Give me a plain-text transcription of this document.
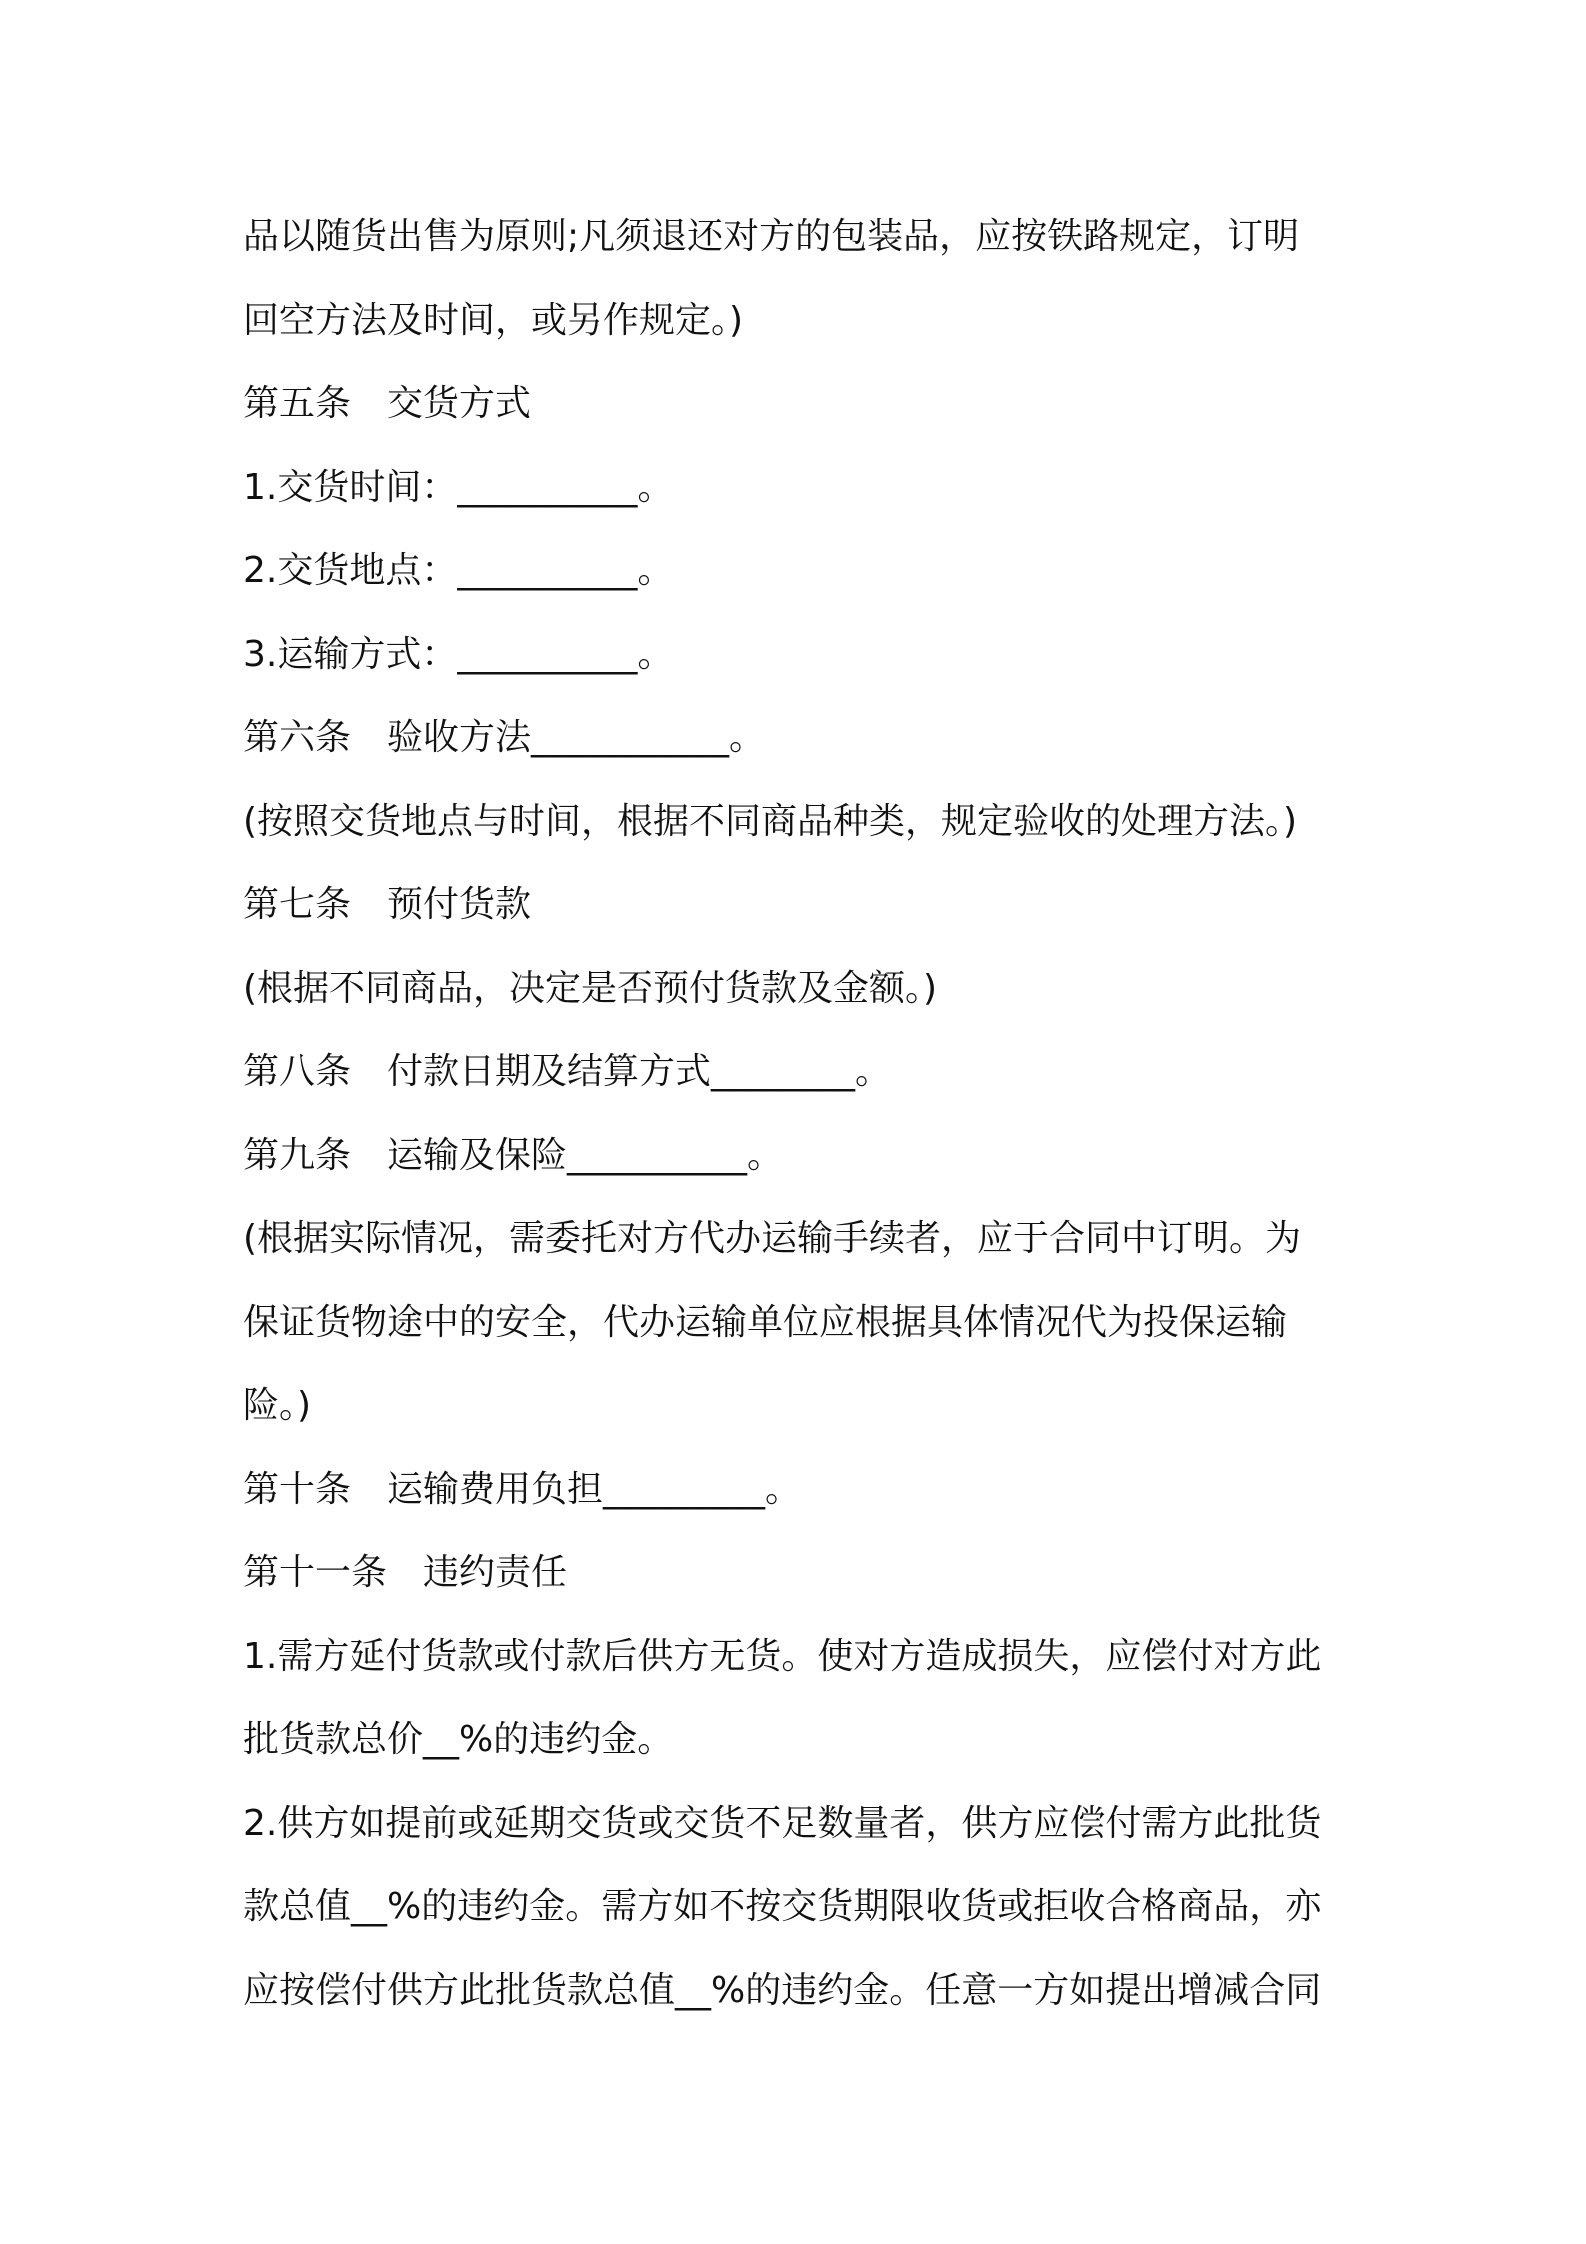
品以随货出售为原则;凡须退还对方的包装品，应按铁路规定，订明
回空方法及时间，或另作规定。)
第五条　交货方式
1.交货时间：__________。
2.交货地点：__________。
3.运输方式：__________。
第六条　验收方法___________。
(按照交货地点与时间，根据不同商品种类，规定验收的处理方法。)
第七条　预付货款
(根据不同商品，决定是否预付货款及金额。)
第八条　付款日期及结算方式________。
第九条　运输及保险__________。
(根据实际情况，需委托对方代办运输手续者，应于合同中订明。为
保证货物途中的安全，代办运输单位应根据具体情况代为投保运输
险。)
第十条　运输费用负担_________。
第十一条　违约责任
1.需方延付货款或付款后供方无货。使对方造成损失，应偿付对方此
批货款总价__%的违约金。
2.供方如提前或延期交货或交货不足数量者，供方应偿付需方此批货
款总值__%的违约金。需方如不按交货期限收货或拒收合格商品，亦
应按偿付供方此批货款总值__%的违约金。任意一方如提出增减合同
